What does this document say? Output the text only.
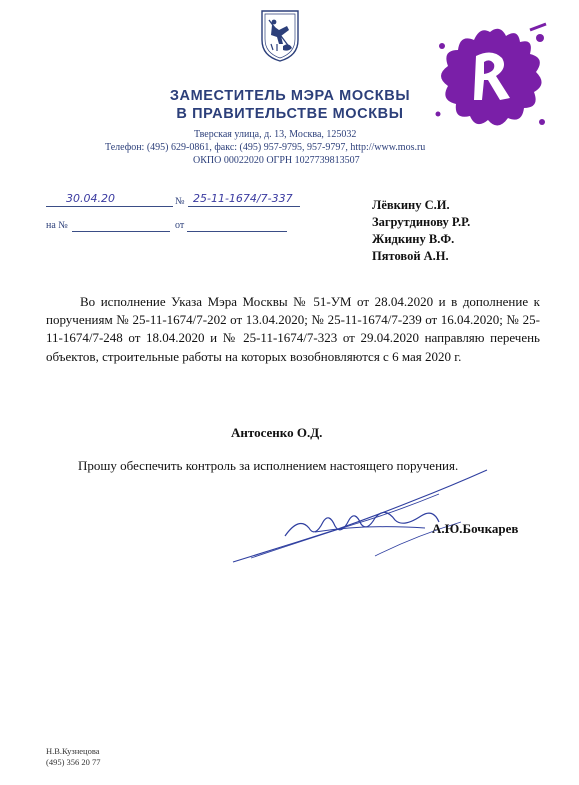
ЗАМЕСТИТЕЛЬ МЭРА МОСКВЫ
В ПРАВИТЕЛЬСТВЕ МОСКВЫ
Тверская улица, д. 13, Москва, 125032
Телефон: (495) 629-0861, факс: (495) 957-9795, 957-9797, http://www.mos.ru
ОКПО 00022020 ОГРН 1027739813507
30.04.20	№ 25-11-1674/7-337
на №	от
Лёвкину С.И.
Загрутдинову Р.Р.
Жидкину В.Ф.
Пятовой А.Н.

Во исполнение Указа Мэра Москвы № 51-УМ от 28.04.2020 и в дополнение к поручениям № 25-11-1674/7-202 от 13.04.2020; № 25-11-1674/7-239 от 16.04.2020; № 25-11-1674/7-248 от 18.04.2020 и № 25-11-1674/7-323 от 29.04.2020 направляю перечень объектов, строительные работы на которых возобновляются с 6 мая 2020 г.

Антосенко О.Д.
Прошу обеспечить контроль за исполнением настоящего поручения.
А.Ю.Бочкарев
Н.В.Кузнецова
(495) 356 20 77
